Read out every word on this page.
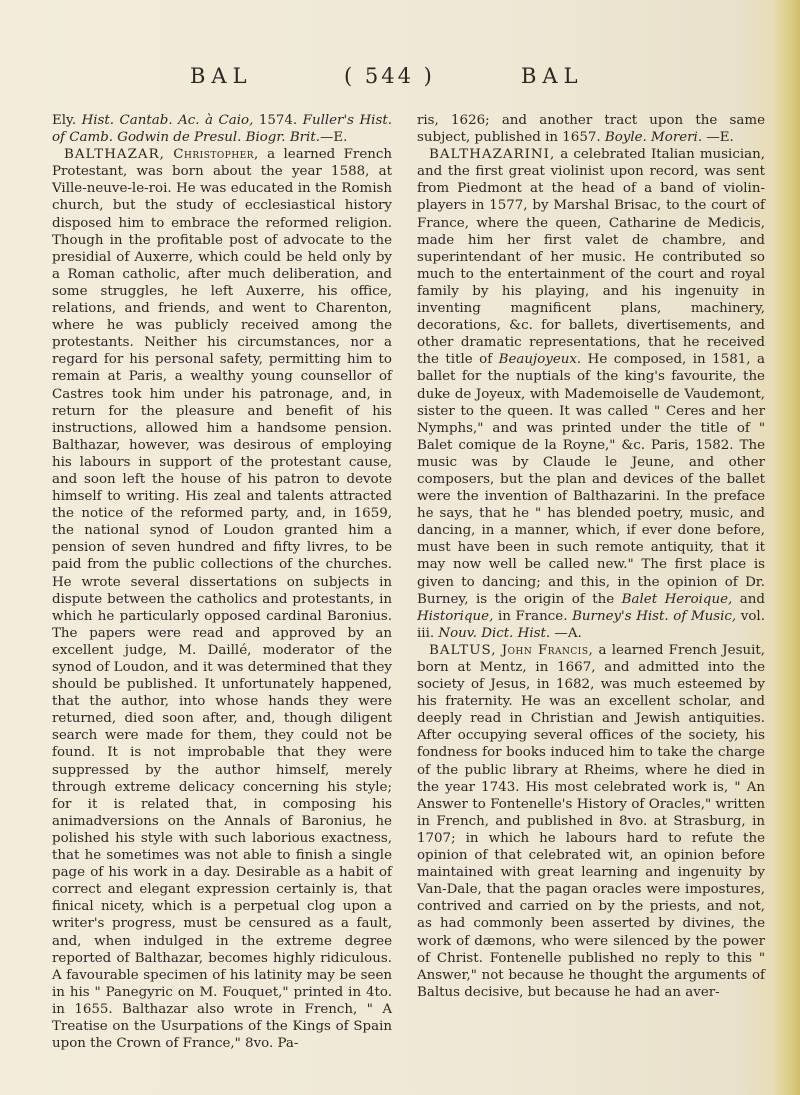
BAL	( 544 )	BAL

Ely. Hist. Cantab. Ac. à Caio, 1574. Fuller's Hist. of Camb. Godwin de Presul. Biogr. Brit.—E.

BALTHAZAR, Christopher, a learned French Protestant, was born about the year 1588, at Ville-neuve-le-roi. He was educated in the Romish church, but the study of ecclesiastical history disposed him to embrace the reformed religion. Though in the profitable post of advocate to the presidial of Auxerre, which could be held only by a Roman catholic, after much deliberation, and some struggles, he left Auxerre, his office, relations, and friends, and went to Charenton, where he was publicly received among the protestants. Neither his circumstances, nor a regard for his personal safety, permitting him to remain at Paris, a wealthy young counsellor of Castres took him under his patronage, and, in return for the pleasure and benefit of his instructions, allowed him a handsome pension. Balthazar, however, was desirous of employing his labours in support of the protestant cause, and soon left the house of his patron to devote himself to writing. His zeal and talents attracted the notice of the reformed party, and, in 1659, the national synod of Loudon granted him a pension of seven hundred and fifty livres, to be paid from the public collections of the churches. He wrote several dissertations on subjects in dispute between the catholics and protestants, in which he particularly opposed cardinal Baronius. The papers were read and approved by an excellent judge, M. Daillé, moderator of the synod of Loudon, and it was determined that they should be published. It unfortunately happened, that the author, into whose hands they were returned, died soon after, and, though diligent search were made for them, they could not be found. It is not improbable that they were suppressed by the author himself, merely through extreme delicacy concerning his style; for it is related that, in composing his animadversions on the Annals of Baronius, he polished his style with such laborious exactness, that he sometimes was not able to finish a single page of his work in a day. Desirable as a habit of correct and elegant expression certainly is, that finical nicety, which is a perpetual clog upon a writer's progress, must be censured as a fault, and, when indulged in the extreme degree reported of Balthazar, becomes highly ridiculous. A favourable specimen of his latinity may be seen in his " Panegyric on M. Fouquet," printed in 4to. in 1655. Balthazar also wrote in French, " A Treatise on the Usurpations of the Kings of Spain upon the Crown of France," 8vo. Pa-

ris, 1626; and another tract upon the same subject, published in 1657. Boyle. Moreri. —E.

BALTHAZARINI, a celebrated Italian musician, and the first great violinist upon record, was sent from Piedmont at the head of a band of violin-players in 1577, by Marshal Brisac, to the court of France, where the queen, Catharine de Medicis, made him her first valet de chambre, and superintendant of her music. He contributed so much to the entertainment of the court and royal family by his playing, and his ingenuity in inventing magnificent plans, machinery, decorations, &c. for ballets, divertisements, and other dramatic representations, that he received the title of Beaujoyeux. He composed, in 1581, a ballet for the nuptials of the king's favourite, the duke de Joyeux, with Mademoiselle de Vaudemont, sister to the queen. It was called " Ceres and her Nymphs," and was printed under the title of " Balet comique de la Royne," &c. Paris, 1582. The music was by Claude le Jeune, and other composers, but the plan and devices of the ballet were the invention of Balthazarini. In the preface he says, that he " has blended poetry, music, and dancing, in a manner, which, if ever done before, must have been in such remote antiquity, that it may now well be called new." The first place is given to dancing; and this, in the opinion of Dr. Burney, is the origin of the Balet Heroique, and Historique, in France. Burney's Hist. of Music, vol. iii. Nouv. Dict. Hist. —A.

BALTUS, John Francis, a learned French Jesuit, born at Mentz, in 1667, and admitted into the society of Jesus, in 1682, was much esteemed by his fraternity. He was an excellent scholar, and deeply read in Christian and Jewish antiquities. After occupying several offices of the society, his fondness for books induced him to take the charge of the public library at Rheims, where he died in the year 1743. His most celebrated work is, " An Answer to Fontenelle's History of Oracles," written in French, and published in 8vo. at Strasburg, in 1707; in which he labours hard to refute the opinion of that celebrated wit, an opinion before maintained with great learning and ingenuity by Van-Dale, that the pagan oracles were impostures, contrived and carried on by the priests, and not, as had commonly been asserted by divines, the work of dæmons, who were silenced by the power of Christ. Fontenelle published no reply to this " Answer," not because he thought the arguments of Baltus decisive, but because he had an aver-
